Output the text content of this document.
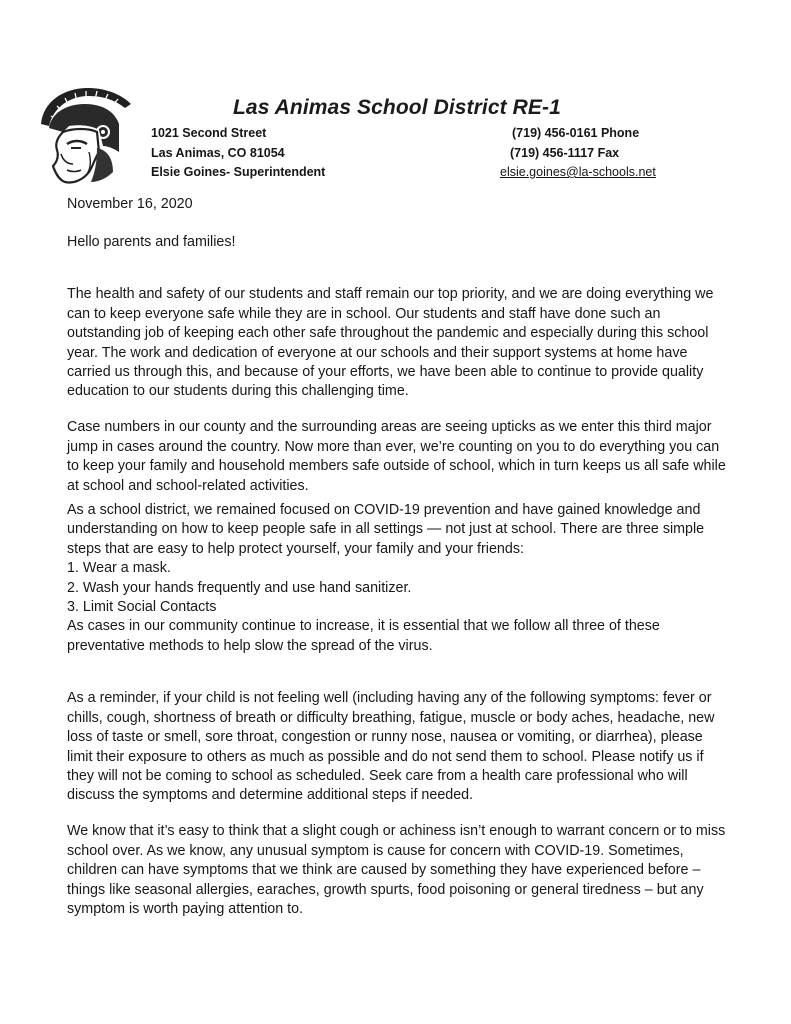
Las Animas School District RE-1
1021 Second Street
Las Animas, CO 81054
Elsie Goines- Superintendent
(719) 456-0161 Phone
(719) 456-1117 Fax
elsie.goines@la-schools.net
November 16, 2020
Hello parents and families!

The health and safety of our students and staff remain our top priority, and we are doing everything we can to keep everyone safe while they are in school. Our students and staff have done such an outstanding job of keeping each other safe throughout the pandemic and especially during this school year. The work and dedication of everyone at our schools and their support systems at home have carried us through this, and because of your efforts, we have been able to continue to provide quality education to our students during this challenging time.

Case numbers in our county and the surrounding areas are seeing upticks as we enter this third major jump in cases around the country. Now more than ever, we’re counting on you to do everything you can to keep your family and household members safe outside of school, which in turn keeps us all safe while at school and school-related activities.

As a school district, we remained focused on COVID-19 prevention and have gained knowledge and understanding on how to keep people safe in all settings — not just at school. There are three simple steps that are easy to help protect yourself, your family and your friends:

1. Wear a mask.
2. Wash your hands frequently and use hand sanitizer.
3. Limit Social Contacts

As cases in our community continue to increase, it is essential that we follow all three of these preventative methods to help slow the spread of the virus.

As a reminder, if your child is not feeling well (including having any of the following symptoms: fever or chills, cough, shortness of breath or difficulty breathing, fatigue, muscle or body aches, headache, new loss of taste or smell, sore throat, congestion or runny nose, nausea or vomiting, or diarrhea), please limit their exposure to others as much as possible and do not send them to school. Please notify us if they will not be coming to school as scheduled. Seek care from a health care professional who will discuss the symptoms and determine additional steps if needed.

We know that it’s easy to think that a slight cough or achiness isn’t enough to warrant concern or to miss school over. As we know, any unusual symptom is cause for concern with COVID-19. Sometimes, children can have symptoms that we think are caused by something they have experienced before – things like seasonal allergies, earaches, growth spurts, food poisoning or general tiredness – but any symptom is worth paying attention to.
